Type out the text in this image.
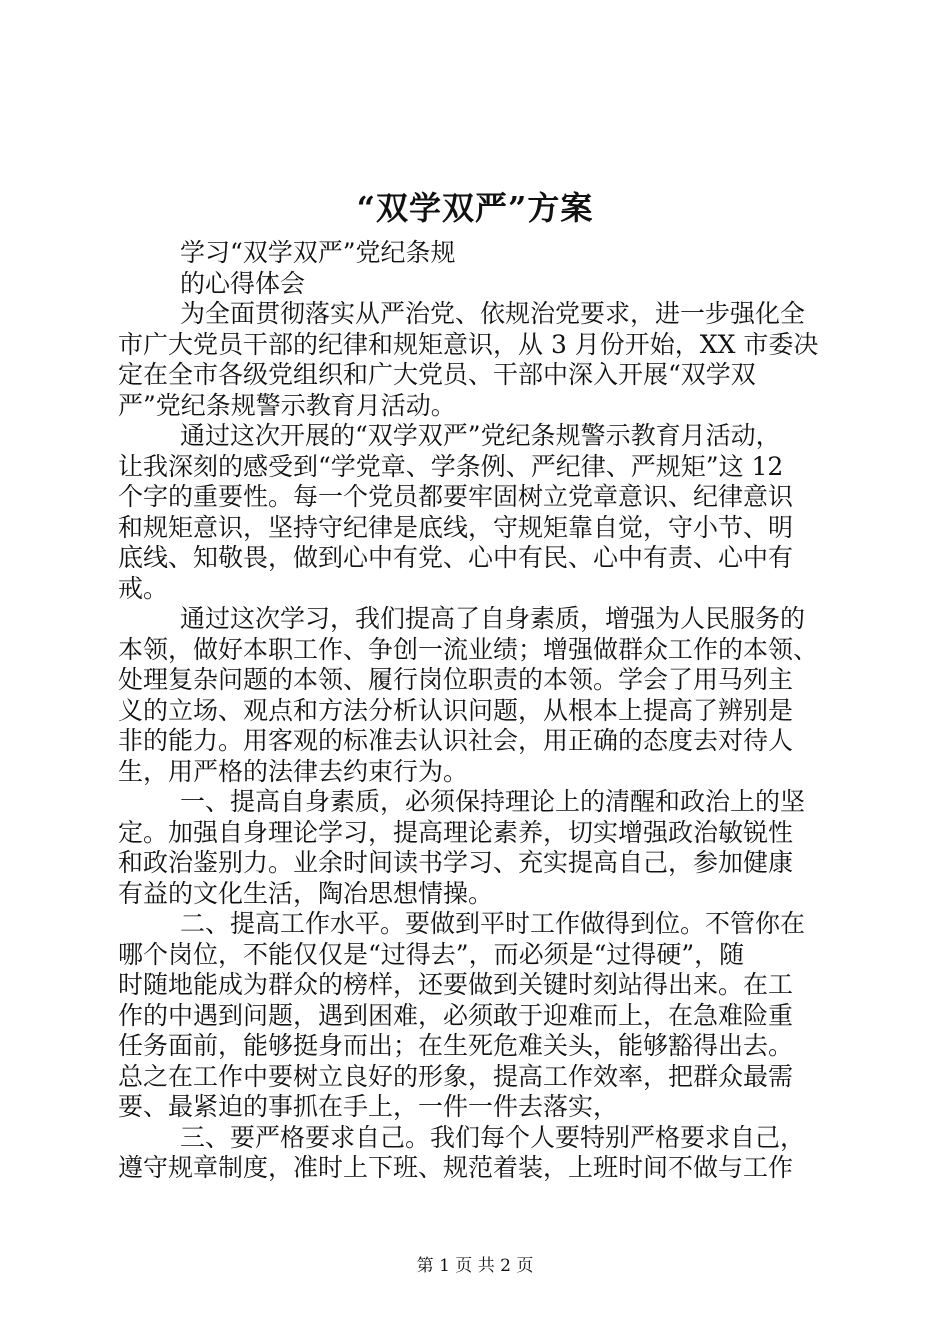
“双学双严”方案
学习“双学双严”党纪条规
的心得体会
为全面贯彻落实从严治党、依规治党要求，进一步强化全
市广大党员干部的纪律和规矩意识，从 3 月份开始，XX 市委决
定在全市各级党组织和广大党员、干部中深入开展“双学双
严”党纪条规警示教育月活动。
通过这次开展的“双学双严”党纪条规警示教育月活动，
让我深刻的感受到“学党章、学条例、严纪律、严规矩”这 12
个字的重要性。每一个党员都要牢固树立党章意识、纪律意识
和规矩意识，坚持守纪律是底线，守规矩靠自觉，守小节、明
底线、知敬畏，做到心中有党、心中有民、心中有责、心中有
戒。
通过这次学习，我们提高了自身素质，增强为人民服务的
本领，做好本职工作、争创一流业绩；增强做群众工作的本领、
处理复杂问题的本领、履行岗位职责的本领。学会了用马列主
义的立场、观点和方法分析认识问题，从根本上提高了辨别是
非的能力。用客观的标准去认识社会，用正确的态度去对待人
生，用严格的法律去约束行为。
一、提高自身素质，必须保持理论上的清醒和政治上的坚
定。加强自身理论学习，提高理论素养，切实增强政治敏锐性
和政治鉴别力。业余时间读书学习、充实提高自己，参加健康
有益的文化生活，陶冶思想情操。
二、提高工作水平。要做到平时工作做得到位。不管你在
哪个岗位，不能仅仅是“过得去”，而必须是“过得硬”，随
时随地能成为群众的榜样，还要做到关键时刻站得出来。在工
作的中遇到问题，遇到困难，必须敢于迎难而上，在急难险重
任务面前，能够挺身而出；在生死危难关头，能够豁得出去。
总之在工作中要树立良好的形象，提高工作效率，把群众最需
要、最紧迫的事抓在手上，一件一件去落实，
三、要严格要求自己。我们每个人要特别严格要求自己，
遵守规章制度，准时上下班、规范着装，上班时间不做与工作
第 1 页 共 2 页
